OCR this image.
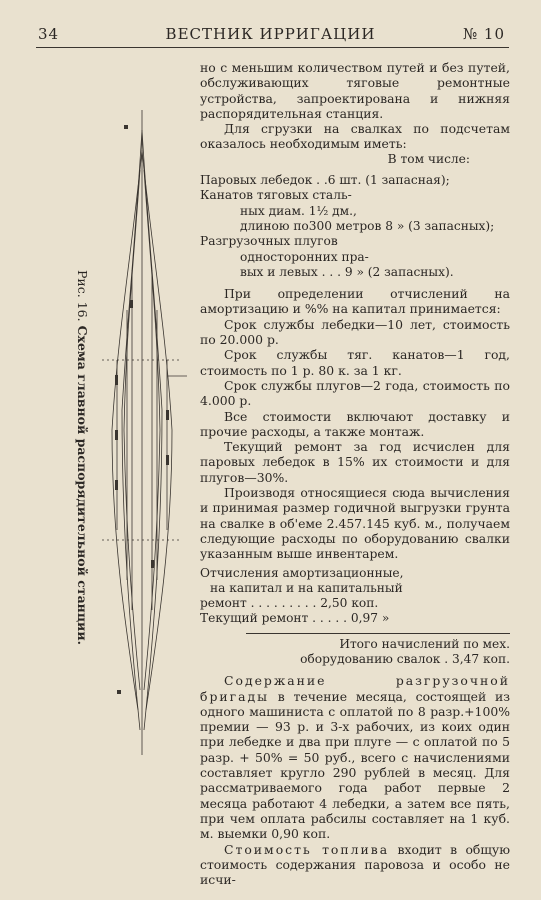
34	ВЕСТНИК ИРРИГАЦИИ	№ 10
Рис. 16. Схема главной распорядительной станции.

но с меньшим количеством путей и без путей, обслуживающих тяговые ремонтные устройства, запроектирована и нижняя распорядительная станция.

Для сгрузки на свалках по подсчетам оказалось необходимым иметь:

В том числе:
Паровых лебедок . .6 шт. (1 запасная);
Канатов тяговых сталь-
ных диам. 1½ дм.,
длиною по300 метров 8 » (3 запасных);
Разгрузочных плугов
односторонних пра-
вых и левых . . . 9 » (2 запасных).

При определении отчислений на амортизацию и %% на капитал принимается:

Срок службы лебедки—10 лет, стоимость по 20.000 р.

Срок службы тяг. канатов—1 год, стоимость по 1 р. 80 к. за 1 кг.

Срок службы плугов—2 года, стоимость по 4.000 р.

Все стоимости включают доставку и прочие расходы, а также монтаж.

Текущий ремонт за год исчислен для паровых лебедок в 15% их стоимости и для плугов—30%.

Производя относящиеся сюда вычисления и принимая размер годичной выгрузки грунта на свалке в об'еме 2.457.145 куб. м., получаем следующие расходы по оборудованию свалки указанным выше инвентарем.

Отчисления амортизационные,
на капитал и на капитальный
ремонт . . . . . . . . . 2,50 коп.
Текущий ремонт . . . . . 0,97 »
Итого начислений по мех.
оборудованию свалок . 3,47 коп.

Содержание разгрузочной бригады в течение месяца, состоящей из одного машиниста с оплатой по 8 разр.+100% премии — 93 р. и 3-х рабочих, из коих один при лебедке и два при плуге — с оплатой по 5 разр. + 50% = 50 руб., всего с начислениями составляет кругло 290 рублей в месяц. Для рассматриваемого года работ первые 2 месяца работают 4 лебедки, а затем все пять, при чем оплата рабсилы составляет на 1 куб. м. выемки 0,90 коп.

Стоимость топлива входит в общую стоимость содержания паровоза и особо не исчи-
